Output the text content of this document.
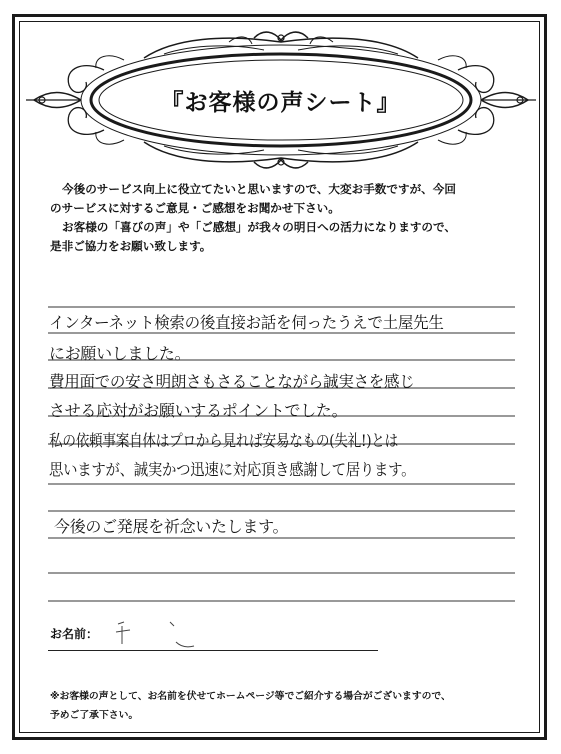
『お客様の声シート』

今後のサービス向上に役立てたいと思いますので、大変お手数ですが、今回

のサービスに対するご意見・ご感想をお聞かせ下さい。

お客様の「喜びの声」や「ご感想」が我々の明日への活力になりますので、

是非ご協力をお願い致します。

インターネット検索の後直接お話を伺ったうえで土屋先生
にお願いしました。
費用面での安さ明朗さもさることながら誠実さを感じ
させる応対がお願いするポイントでした。
私の依頼事案自体はプロから見れば安易なもの(失礼!)とは
思いますが、誠実かつ迅速に対応頂き感謝して居ります。
今後のご発展を祈念いたします。
お名前：

※お客様の声として、お名前を伏せてホームページ等でご紹介する場合がございますので、

予めご了承下さい。
